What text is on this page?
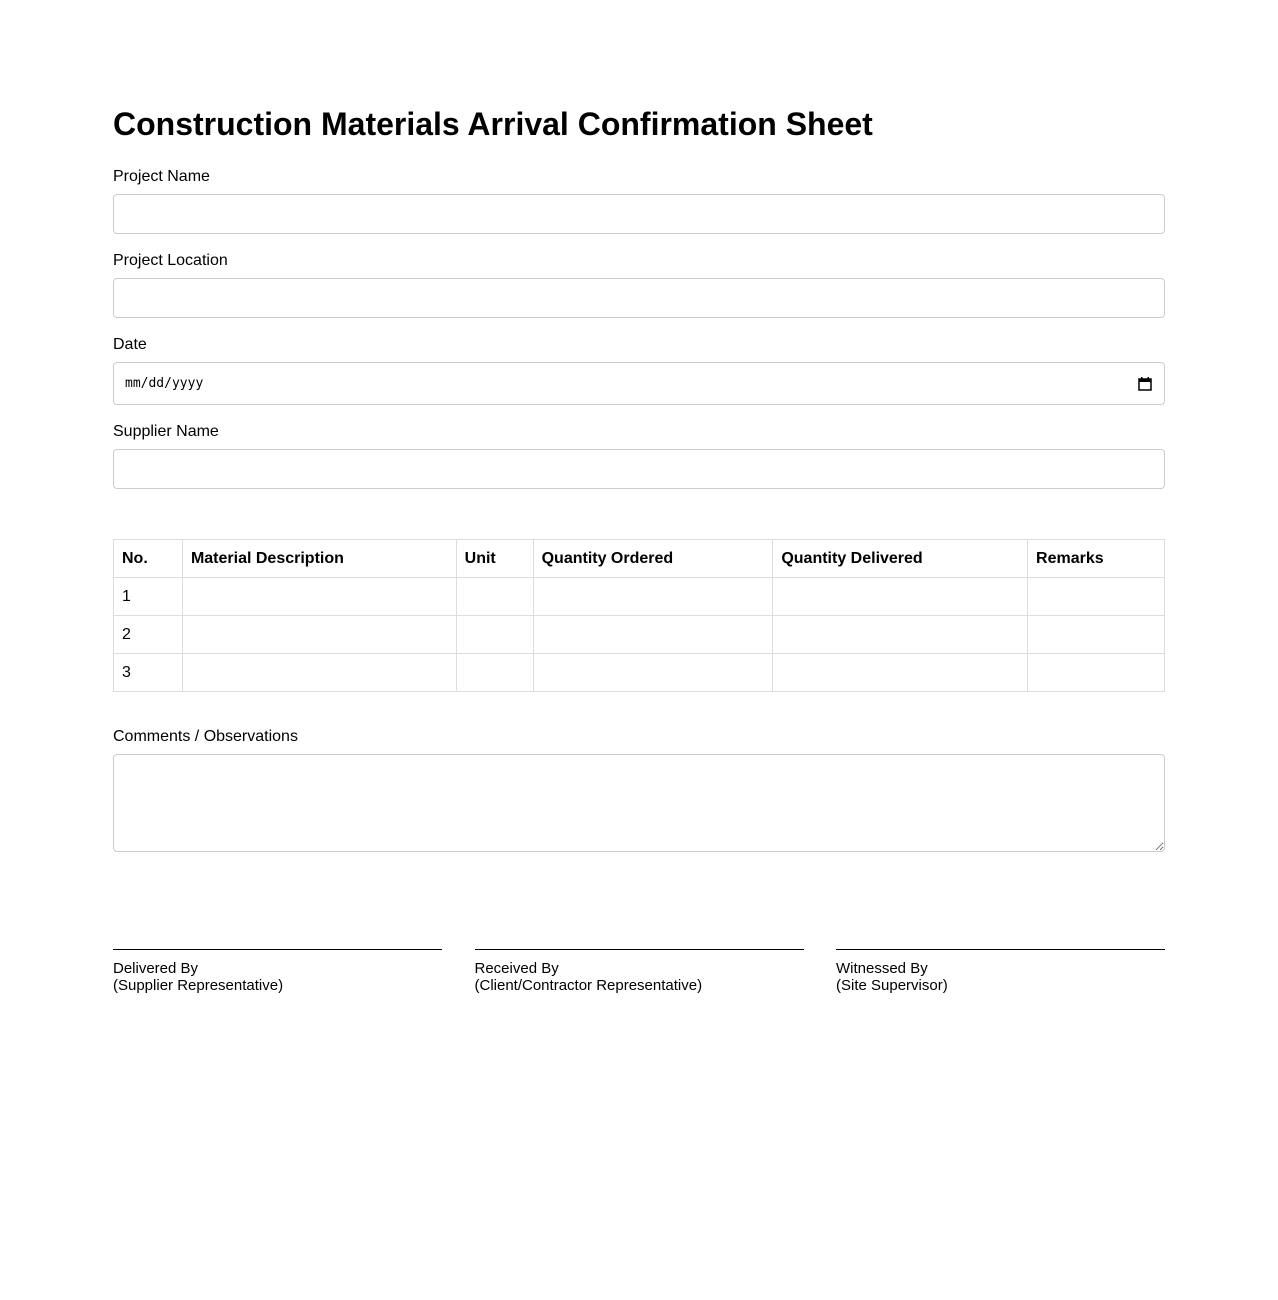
Construction Materials Arrival Confirmation Sheet
Project Name
Project Location
Date
mm/dd/yyyy
Supplier Name
No.	Material Description	Unit	Quantity Ordered	Quantity Delivered	Remarks
1					
2					
3					
Comments / Observations
Delivered By
(Supplier Representative)
Received By
(Client/Contractor Representative)
Witnessed By
(Site Supervisor)
